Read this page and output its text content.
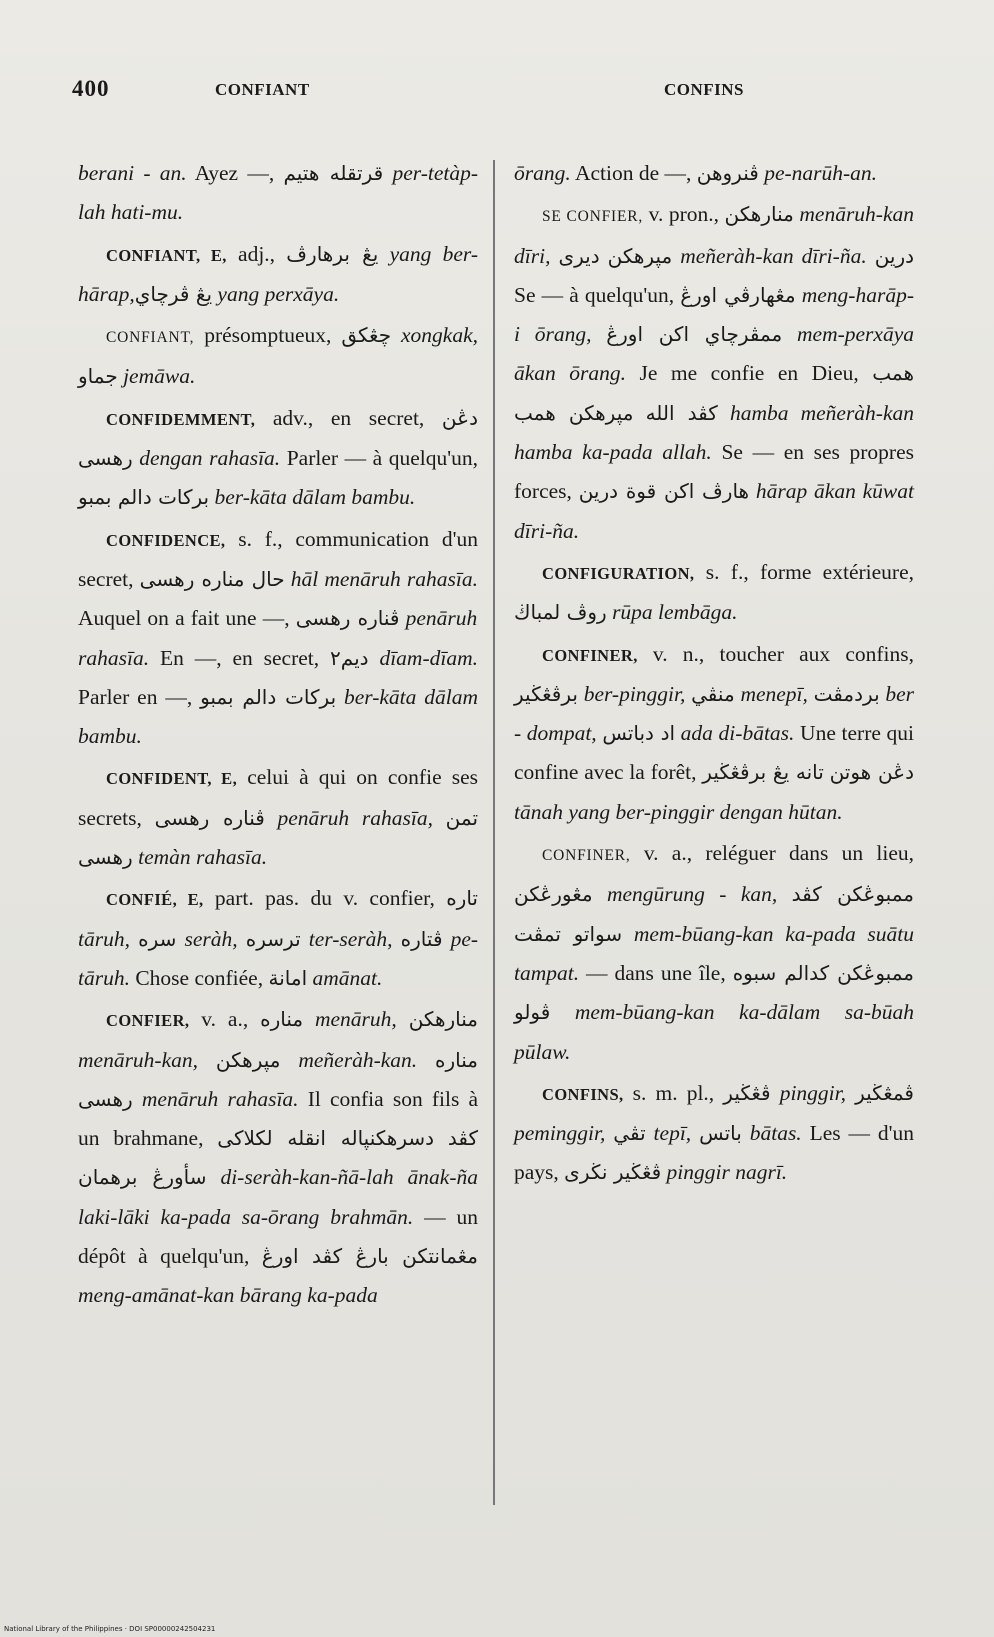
400	CONFIANT	CONFINS

berani - an. Ayez —, قرتقله هتيم per-tetàp-lah hati-mu.

CONFIANT, E, adj., يڠ برهارڤ yang ber-hārap,يڠ ڤرچاي yang perxāya.

CONFIANT, présomptueux, چڠكق xongkak, جماو jemāwa.

CONFIDEMMENT, adv., en secret, دڠن رهسى dengan rahasīa. Parler — à quelqu'un, بركات دالم بمبو ber-kāta dālam bambu.

CONFIDENCE, s. f., communication d'un secret, حال مناره رهسى hāl menāruh rahasīa. Auquel on a fait une —, ڤناره رهسى penāruh rahasīa. En —, en secret, ديم٢ dīam-dīam. Parler en —, بركات دالم بمبو ber-kāta dālam bambu.

CONFIDENT, E, celui à qui on confie ses secrets, ڤناره رهسى penāruh rahasīa, تمن رهسى temàn rahasīa.

CONFIÉ, E, part. pas. du v. confier, تاره tāruh, سره seràh, ترسره ter-seràh, ڤتاره pe-tāruh. Chose confiée, امانة amānat.

CONFIER, v. a., مناره menāruh, منارهكن menāruh-kan, مپرهكن meñeràh-kan. مناره رهسى menāruh rahasīa. Il confia son fils à un brahmane, دسرهكنپاله انقله لكلاكى كڤد سأورڠ برهمان di-seràh-kan-ñā-lah ānak-ña laki-lāki ka-pada sa-ōrang brahmān. — un dépôt à quelqu'un, مڠمانتكن بارڠ كڤد اورڠ meng-amānat-kan bārang ka-pada

ōrang. Action de —, ڤنروهن pe-narūh-an.

SE CONFIER, v. pron., منارهكن menāruh-kan dīri, ديرى مپرهكن meñeràh-kan dīri-ña. درين Se — à quelqu'un, مڠهارڤي اورڠ meng-harāp-i ōrang, ممڤرچاي اكن اورڠ mem-perxāya ākan ōrang. Je me confie en Dieu, همب مپرهكن همب كڤد الله hamba meñeràh-kan hamba ka-pada allah. Se — en ses propres forces, هارڤ اكن قوة درين hārap ākan kūwat dīri-ña.

CONFIGURATION, s. f., forme extérieure, روڤ لمباڬ rūpa lembāga.

CONFINER, v. n., toucher aux confins, برڤڠڬير ber-pinggir, منڤي menepī, بردمڤت ber - dompat, اد دباتس ada di-bātas. Une terre qui confine avec la forêt, تانه يڠ برڤڠڬير دڠن هوتن tānah yang ber-pinggir dengan hūtan.

CONFINER, v. a., reléguer dans un lieu, مڠورڠكن mengūrung - kan, ممبوڠكن كڤد سواتو تمڤت mem-būang-kan ka-pada suātu tampat. — dans une île, ممبوڠكن كدالم سبوه ڤولو mem-būang-kan ka-dālam sa-būah pūlaw.

CONFINS, s. m. pl., ڤڠڬير pinggir, ڤمڠڬير peminggir, تڤي tepī, باتس bātas. Les — d'un pays, ڤڠڬير نڬرى pinggir nagrī.

National Library of the Philippines · DOI SP00000242504231
